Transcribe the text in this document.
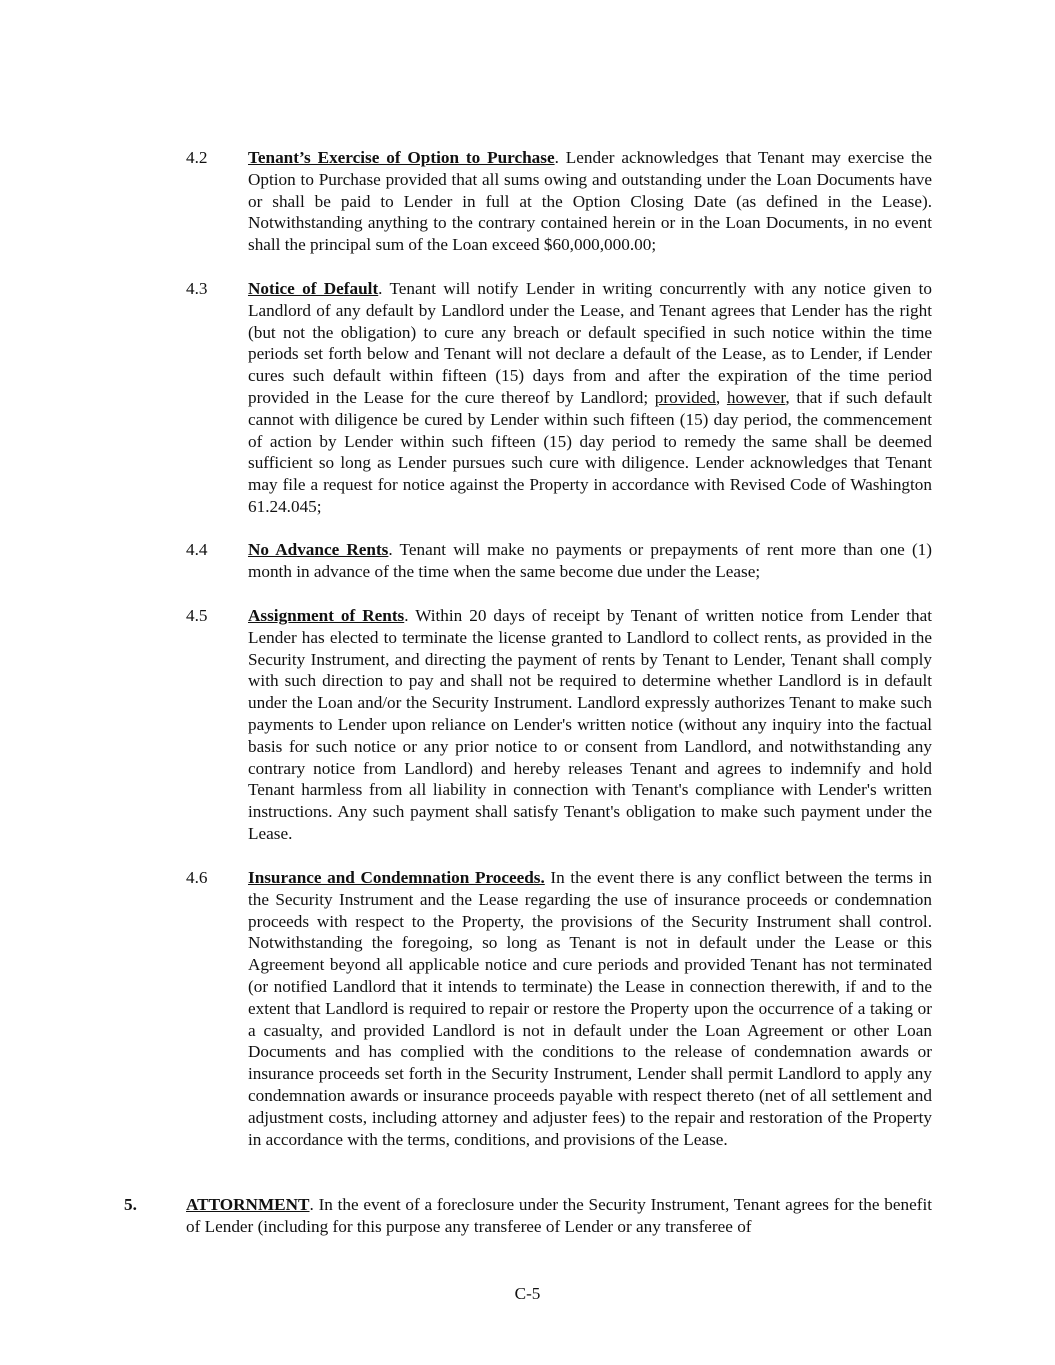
4.2 Tenant’s Exercise of Option to Purchase. Lender acknowledges that Tenant may exercise the Option to Purchase provided that all sums owing and outstanding under the Loan Documents have or shall be paid to Lender in full at the Option Closing Date (as defined in the Lease). Notwithstanding anything to the contrary contained herein or in the Loan Documents, in no event shall the principal sum of the Loan exceed $60,000,000.00;
4.3 Notice of Default. Tenant will notify Lender in writing concurrently with any notice given to Landlord of any default by Landlord under the Lease, and Tenant agrees that Lender has the right (but not the obligation) to cure any breach or default specified in such notice within the time periods set forth below and Tenant will not declare a default of the Lease, as to Lender, if Lender cures such default within fifteen (15) days from and after the expiration of the time period provided in the Lease for the cure thereof by Landlord; provided, however, that if such default cannot with diligence be cured by Lender within such fifteen (15) day period, the commencement of action by Lender within such fifteen (15) day period to remedy the same shall be deemed sufficient so long as Lender pursues such cure with diligence. Lender acknowledges that Tenant may file a request for notice against the Property in accordance with Revised Code of Washington 61.24.045;
4.4 No Advance Rents. Tenant will make no payments or prepayments of rent more than one (1) month in advance of the time when the same become due under the Lease;
4.5 Assignment of Rents. Within 20 days of receipt by Tenant of written notice from Lender that Lender has elected to terminate the license granted to Landlord to collect rents, as provided in the Security Instrument, and directing the payment of rents by Tenant to Lender, Tenant shall comply with such direction to pay and shall not be required to determine whether Landlord is in default under the Loan and/or the Security Instrument. Landlord expressly authorizes Tenant to make such payments to Lender upon reliance on Lender's written notice (without any inquiry into the factual basis for such notice or any prior notice to or consent from Landlord, and notwithstanding any contrary notice from Landlord) and hereby releases Tenant and agrees to indemnify and hold Tenant harmless from all liability in connection with Tenant's compliance with Lender's written instructions. Any such payment shall satisfy Tenant's obligation to make such payment under the Lease.
4.6 Insurance and Condemnation Proceeds. In the event there is any conflict between the terms in the Security Instrument and the Lease regarding the use of insurance proceeds or condemnation proceeds with respect to the Property, the provisions of the Security Instrument shall control. Notwithstanding the foregoing, so long as Tenant is not in default under the Lease or this Agreement beyond all applicable notice and cure periods and provided Tenant has not terminated (or notified Landlord that it intends to terminate) the Lease in connection therewith, if and to the extent that Landlord is required to repair or restore the Property upon the occurrence of a taking or a casualty, and provided Landlord is not in default under the Loan Agreement or other Loan Documents and has complied with the conditions to the release of condemnation awards or insurance proceeds set forth in the Security Instrument, Lender shall permit Landlord to apply any condemnation awards or insurance proceeds payable with respect thereto (net of all settlement and adjustment costs, including attorney and adjuster fees) to the repair and restoration of the Property in accordance with the terms, conditions, and provisions of the Lease.
5.	ATTORNMENT. In the event of a foreclosure under the Security Instrument, Tenant agrees for the benefit of Lender (including for this purpose any transferee of Lender or any transferee of
C-5
